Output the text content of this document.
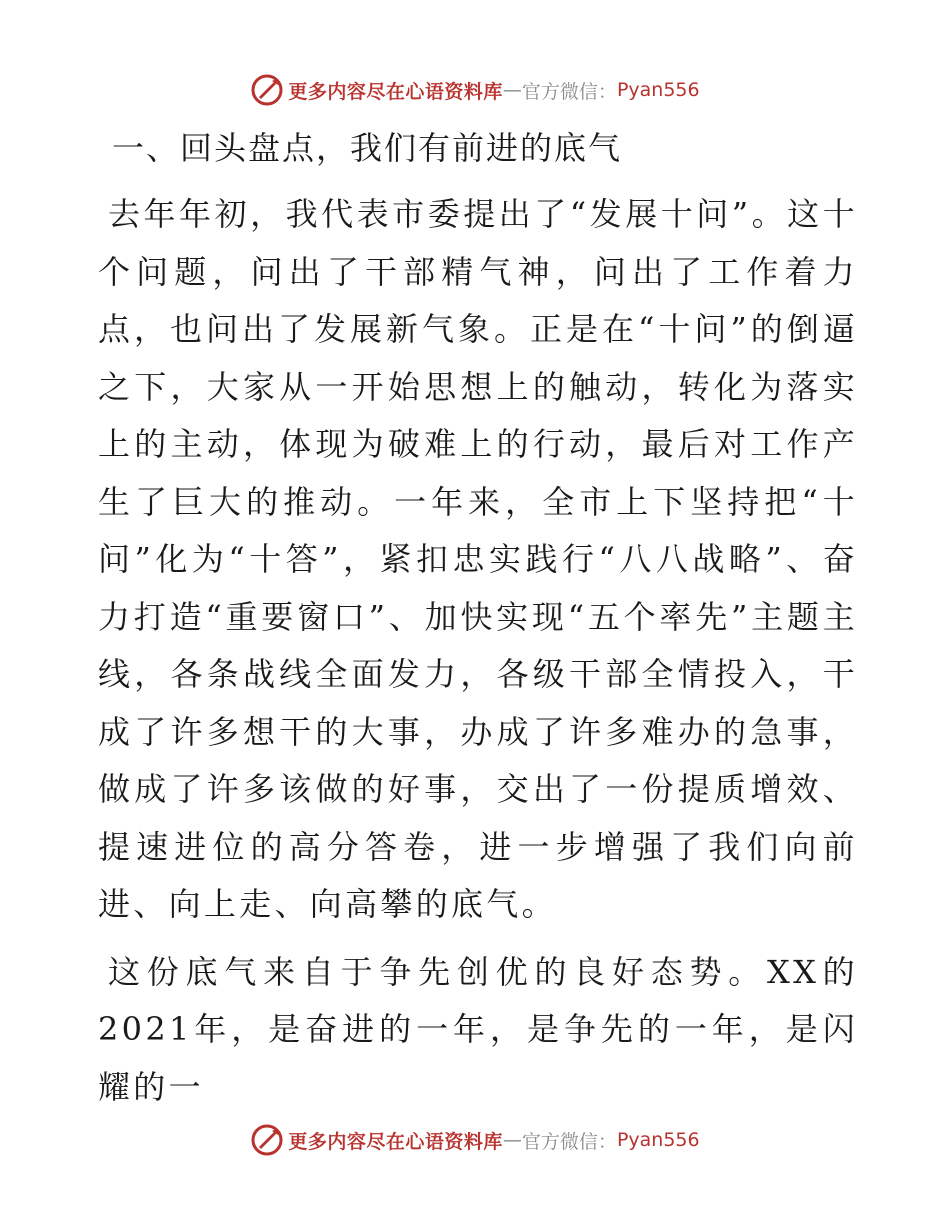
更多内容尽在心语资料库 — 官方微信： Pyan556
一、回头盘点，我们有前进的底气

去年年初，我代表市委提出了“发展十问”。这十个问题，问出了干部精气神，问出了工作着力点，也问出了发展新气象。正是在“十问”的倒逼之下，大家从一开始思想上的触动，转化为落实上的主动，体现为破难上的行动，最后对工作产生了巨大的推动。一年来，全市上下坚持把“十问”化为“十答”，紧扣忠实践行“八八战略”、奋力打造“重要窗口”、加快实现“五个率先”主题主线，各条战线全面发力，各级干部全情投入，干成了许多想干的大事，办成了许多难办的急事，做成了许多该做的好事，交出了一份提质增效、提速进位的高分答卷，进一步增强了我们向前进、向上走、向高攀的底气。

这份底气来自于争先创优的良好态势。XX的2021年，是奋进的一年，是争先的一年，是闪耀的一

更多内容尽在心语资料库 — 官方微信： Pyan556
